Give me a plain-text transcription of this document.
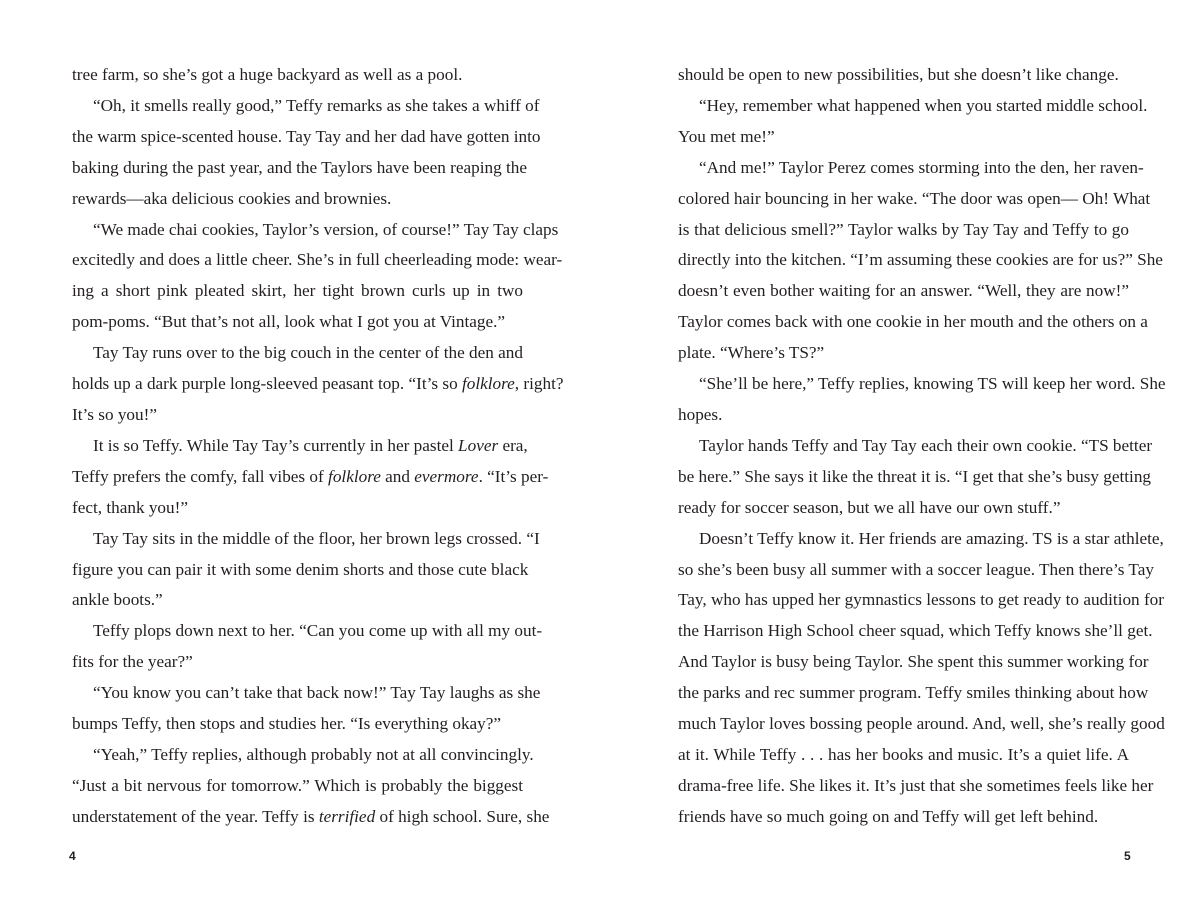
tree farm, so she’s got a huge backyard as well as a pool.
“Oh, it smells really good,” Teffy remarks as she takes a whiff of
the warm spice-scented house. Tay Tay and her dad have gotten into
baking during the past year, and the Taylors have been reaping the
rewards—aka delicious cookies and brownies.
“We made chai cookies, Taylor’s version, of course!” Tay Tay claps
excitedly and does a little cheer. She’s in full cheerleading mode: wear-
ing a short pink pleated skirt, her tight brown curls up in two
pom-poms. “But that’s not all, look what I got you at Vintage.”
Tay Tay runs over to the big couch in the center of the den and
holds up a dark purple long-sleeved peasant top. “It’s so folklore, right?
It’s so you!”
It is so Teffy. While Tay Tay’s currently in her pastel Lover era,
Teffy prefers the comfy, fall vibes of folklore and evermore. “It’s per-
fect, thank you!”
Tay Tay sits in the middle of the floor, her brown legs crossed. “I
figure you can pair it with some denim shorts and those cute black
ankle boots.”
Teffy plops down next to her. “Can you come up with all my out-
fits for the year?”
“You know you can’t take that back now!” Tay Tay laughs as she
bumps Teffy, then stops and studies her. “Is everything okay?”
“Yeah,” Teffy replies, although probably not at all convincingly.
“Just a bit nervous for tomorrow.” Which is probably the biggest
understatement of the year. Teffy is terrified of high school. Sure, she
4
should be open to new possibilities, but she doesn’t like change.
“Hey, remember what happened when you started middle school.
You met me!”
“And me!” Taylor Perez comes storming into the den, her raven-
colored hair bouncing in her wake. “The door was open— Oh! What
is that delicious smell?” Taylor walks by Tay Tay and Teffy to go
directly into the kitchen. “I’m assuming these cookies are for us?” She
doesn’t even bother waiting for an answer. “Well, they are now!”
Taylor comes back with one cookie in her mouth and the others on a
plate. “Where’s TS?”
“She’ll be here,” Teffy replies, knowing TS will keep her word. She
hopes.
Taylor hands Teffy and Tay Tay each their own cookie. “TS better
be here.” She says it like the threat it is. “I get that she’s busy getting
ready for soccer season, but we all have our own stuff.”
Doesn’t Teffy know it. Her friends are amazing. TS is a star athlete,
so she’s been busy all summer with a soccer league. Then there’s Tay
Tay, who has upped her gymnastics lessons to get ready to audition for
the Harrison High School cheer squad, which Teffy knows she’ll get.
And Taylor is busy being Taylor. She spent this summer working for
the parks and rec summer program. Teffy smiles thinking about how
much Taylor loves bossing people around. And, well, she’s really good
at it. While Teffy . . . has her books and music. It’s a quiet life. A
drama-free life. She likes it. It’s just that she sometimes feels like her
friends have so much going on and Teffy will get left behind.
5
